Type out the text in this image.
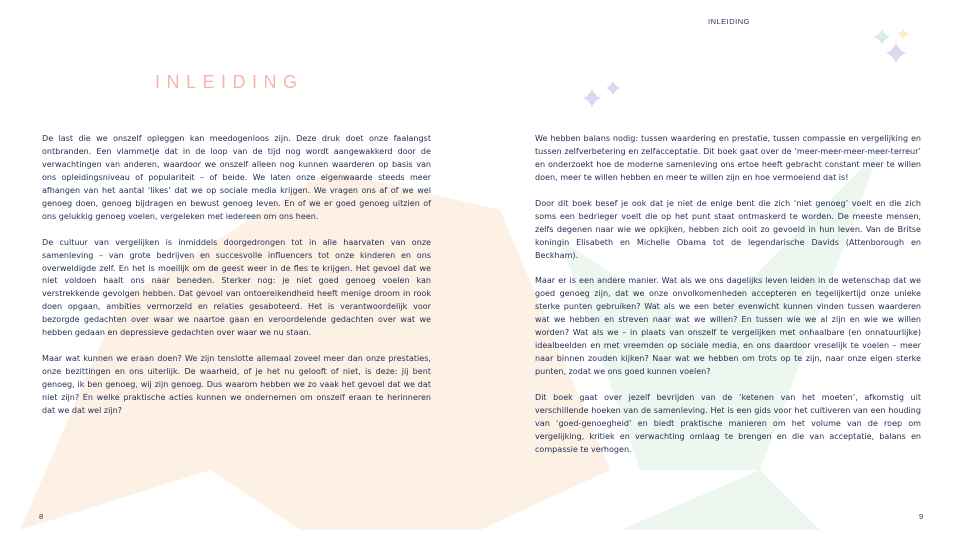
INLEIDING

De last die we onszelf opleggen kan meedogenloos zijn. Deze druk doet onze faalangst ontbranden. Een vlammetje dat in de loop van de tijd nog wordt aangewakkerd door de verwachtingen van anderen, waardoor we onszelf alleen nog kunnen waarderen op basis van ons opleidingsniveau of populariteit – of beide. We laten onze eigenwaarde steeds meer afhangen van het aantal ‘likes’ dat we op sociale media krijgen. We vragen ons af of we wel genoeg doen, genoeg bijdragen en bewust genoeg leven. En of we er goed genoeg uitzien of ons gelukkig genoeg voelen, vergeleken met iedereen om ons heen.

De cultuur van vergelijken is inmiddels doorgedrongen tot in alle haarvaten van onze samenleving – van grote bedrijven en succesvolle influencers tot onze kinderen en ons overweldigde zelf. En het is moeilijk om de geest weer in de fles te krijgen. Het gevoel dat we niet voldoen haalt ons naar beneden. Sterker nog: je niet goed genoeg voelen kan verstrekkende gevolgen hebben. Dat gevoel van ontoereikendheid heeft menige droom in rook doen opgaan, ambities vermorzeld en relaties gesaboteerd. Het is verantwoordelijk voor bezorgde gedachten over waar we naartoe gaan en veroordelende gedachten over wat we hebben gedaan en depressieve gedachten over waar we nu staan.

Maar wat kunnen we eraan doen? We zijn tenslotte allemaal zoveel meer dan onze prestaties, onze bezittingen en ons uiterlijk. De waarheid, of je het nu gelooft of niet, is deze: jij bent genoeg, ik ben genoeg, wij zijn genoeg. Dus waarom hebben we zo vaak het gevoel dat we dat niet zijn? En welke praktische acties kunnen we ondernemen om onszelf eraan te herinneren dat we dat wel zijn?

8
INLEIDING

We hebben balans nodig: tussen waardering en prestatie, tussen compassie en vergelijking en tussen zelfverbetering en zelfacceptatie. Dit boek gaat over de ‘meer-meer-meer-meer-terreur’ en onderzoekt hoe de moderne samenleving ons ertoe heeft gebracht constant meer te willen doen, meer te willen hebben en meer te willen zijn en hoe vermoeiend dat is!

Door dit boek besef je ook dat je niet de enige bent die zich ‘niet genoeg’ voelt en die zich soms een bedrieger voelt die op het punt staat ontmaskerd te worden. De meeste mensen, zelfs degenen naar wie we opkijken, hebben zich ooit zo gevoeld in hun leven. Van de Britse koningin Elisabeth en Michelle Obama tot de legendarische Davids (Attenborough en Beckham).

Maar er is een andere manier. Wat als we ons dagelijks leven leiden in de wetenschap dat we goed genoeg zijn, dat we onze onvolkomenheden accepteren en tegelijkertijd onze unieke sterke punten gebruiken? Wat als we een beter evenwicht kunnen vinden tussen waarderen wat we hebben en streven naar wat we willen? En tussen wie we al zijn en wie we willen worden? Wat als we – in plaats van onszelf te vergelijken met onhaalbare (en onnatuurlijke) idealbeelden en met vreemden op sociale media, en ons daardoor vreselijk te voelen – meer naar binnen zouden kijken? Naar wat we hebben om trots op te zijn, naar onze eigen sterke punten, zodat we ons goed kunnen voelen?

Dit boek gaat over jezelf bevrijden van de ‘ketenen van het moeten’, afkomstig uit verschillende hoeken van de samenleving. Het is een gids voor het cultiveren van een houding van ‘goed-genoegheid’ en biedt praktische manieren om het volume van de roep om vergelijking, kritiek en verwachting omlaag te brengen en die van acceptatie, balans en compassie te verhogen.

9
